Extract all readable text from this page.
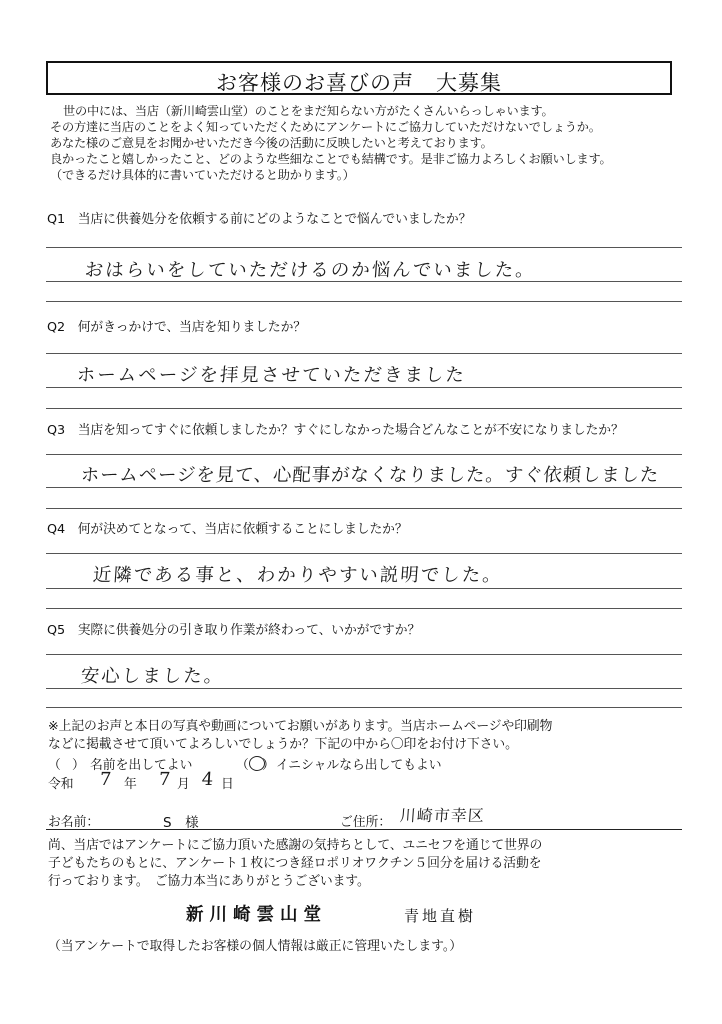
お客様のお喜びの声　大募集
世の中には、当店（新川崎雲山堂）のことをまだ知らない方がたくさんいらっしゃいます。
その方達に当店のことをよく知っていただくためにアンケートにご協力していただけないでしょうか。
あなた様のご意見をお聞かせいただき今後の活動に反映したいと考えております。
良かったこと嬉しかったこと、どのような些細なことでも結構です。是非ご協力よろしくお願いします。
（できるだけ具体的に書いていただけると助かります。）
Q1　当店に供養処分を依頼する前にどのようなことで悩んでいましたか？
おはらいをしていただけるのか悩んでいました。
Q2　何がきっかけで、当店を知りましたか？
ホームページを拝見させていただきました
Q3　当店を知ってすぐに依頼しましたか？すぐにしなかった場合どんなことが不安になりましたか？
ホームページを見て、心配事がなくなりました。すぐ依頼しました
Q4　何が決めてとなって、当店に依頼することにしましたか？
近隣である事と、わかりやすい説明でした。
Q5　実際に供養処分の引き取り作業が終わって、いかがですか？
安心しました。
※上記のお声と本日の写真や動画についてお願いがあります。当店ホームページや印刷物
などに掲載させて頂いてよろしいでしょうか？下記の中から〇印をお付け下さい。
（ ） 名前を出してよい	（ ） イニシャルなら出してもよい
令和 7 年 7 月 4 日
お名前：	S　様	ご住所： 川崎市幸区
尚、当店ではアンケートにご協力頂いた感謝の気持ちとして、ユニセフを通じて世界の
子どもたちのもとに、アンケート１枚につき経ロポリオワクチン５回分を届ける活動を
行っております。　ご協力本当にありがとうございます。
新川崎雲山堂	青地直樹
（当アンケートで取得したお客様の個人情報は厳正に管理いたします。）
